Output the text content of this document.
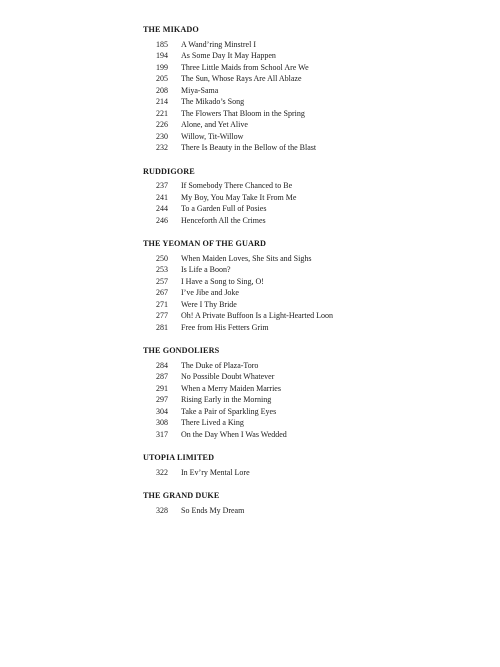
THE MIKADO
185 A Wand’ring Minstrel I
194 As Some Day It May Happen
199 Three Little Maids from School Are We
205 The Sun, Whose Rays Are All Ablaze
208 Miya-Sama
214 The Mikado’s Song
221 The Flowers That Bloom in the Spring
226 Alone, and Yet Alive
230 Willow, Tit-Willow
232 There Is Beauty in the Bellow of the Blast
RUDDIGORE
237 If Somebody There Chanced to Be
241 My Boy, You May Take It From Me
244 To a Garden Full of Posies
246 Henceforth All the Crimes
THE YEOMAN OF THE GUARD
250 When Maiden Loves, She Sits and Sighs
253 Is Life a Boon?
257 I Have a Song to Sing, O!
267 I’ve Jibe and Joke
271 Were I Thy Bride
277 Oh! A Private Buffoon Is a Light-Hearted Loon
281 Free from His Fetters Grim
THE GONDOLIERS
284 The Duke of Plaza-Toro
287 No Possible Doubt Whatever
291 When a Merry Maiden Marries
297 Rising Early in the Morning
304 Take a Pair of Sparkling Eyes
308 There Lived a King
317 On the Day When I Was Wedded
UTOPIA LIMITED
322 In Ev’ry Mental Lore
THE GRAND DUKE
328 So Ends My Dream
